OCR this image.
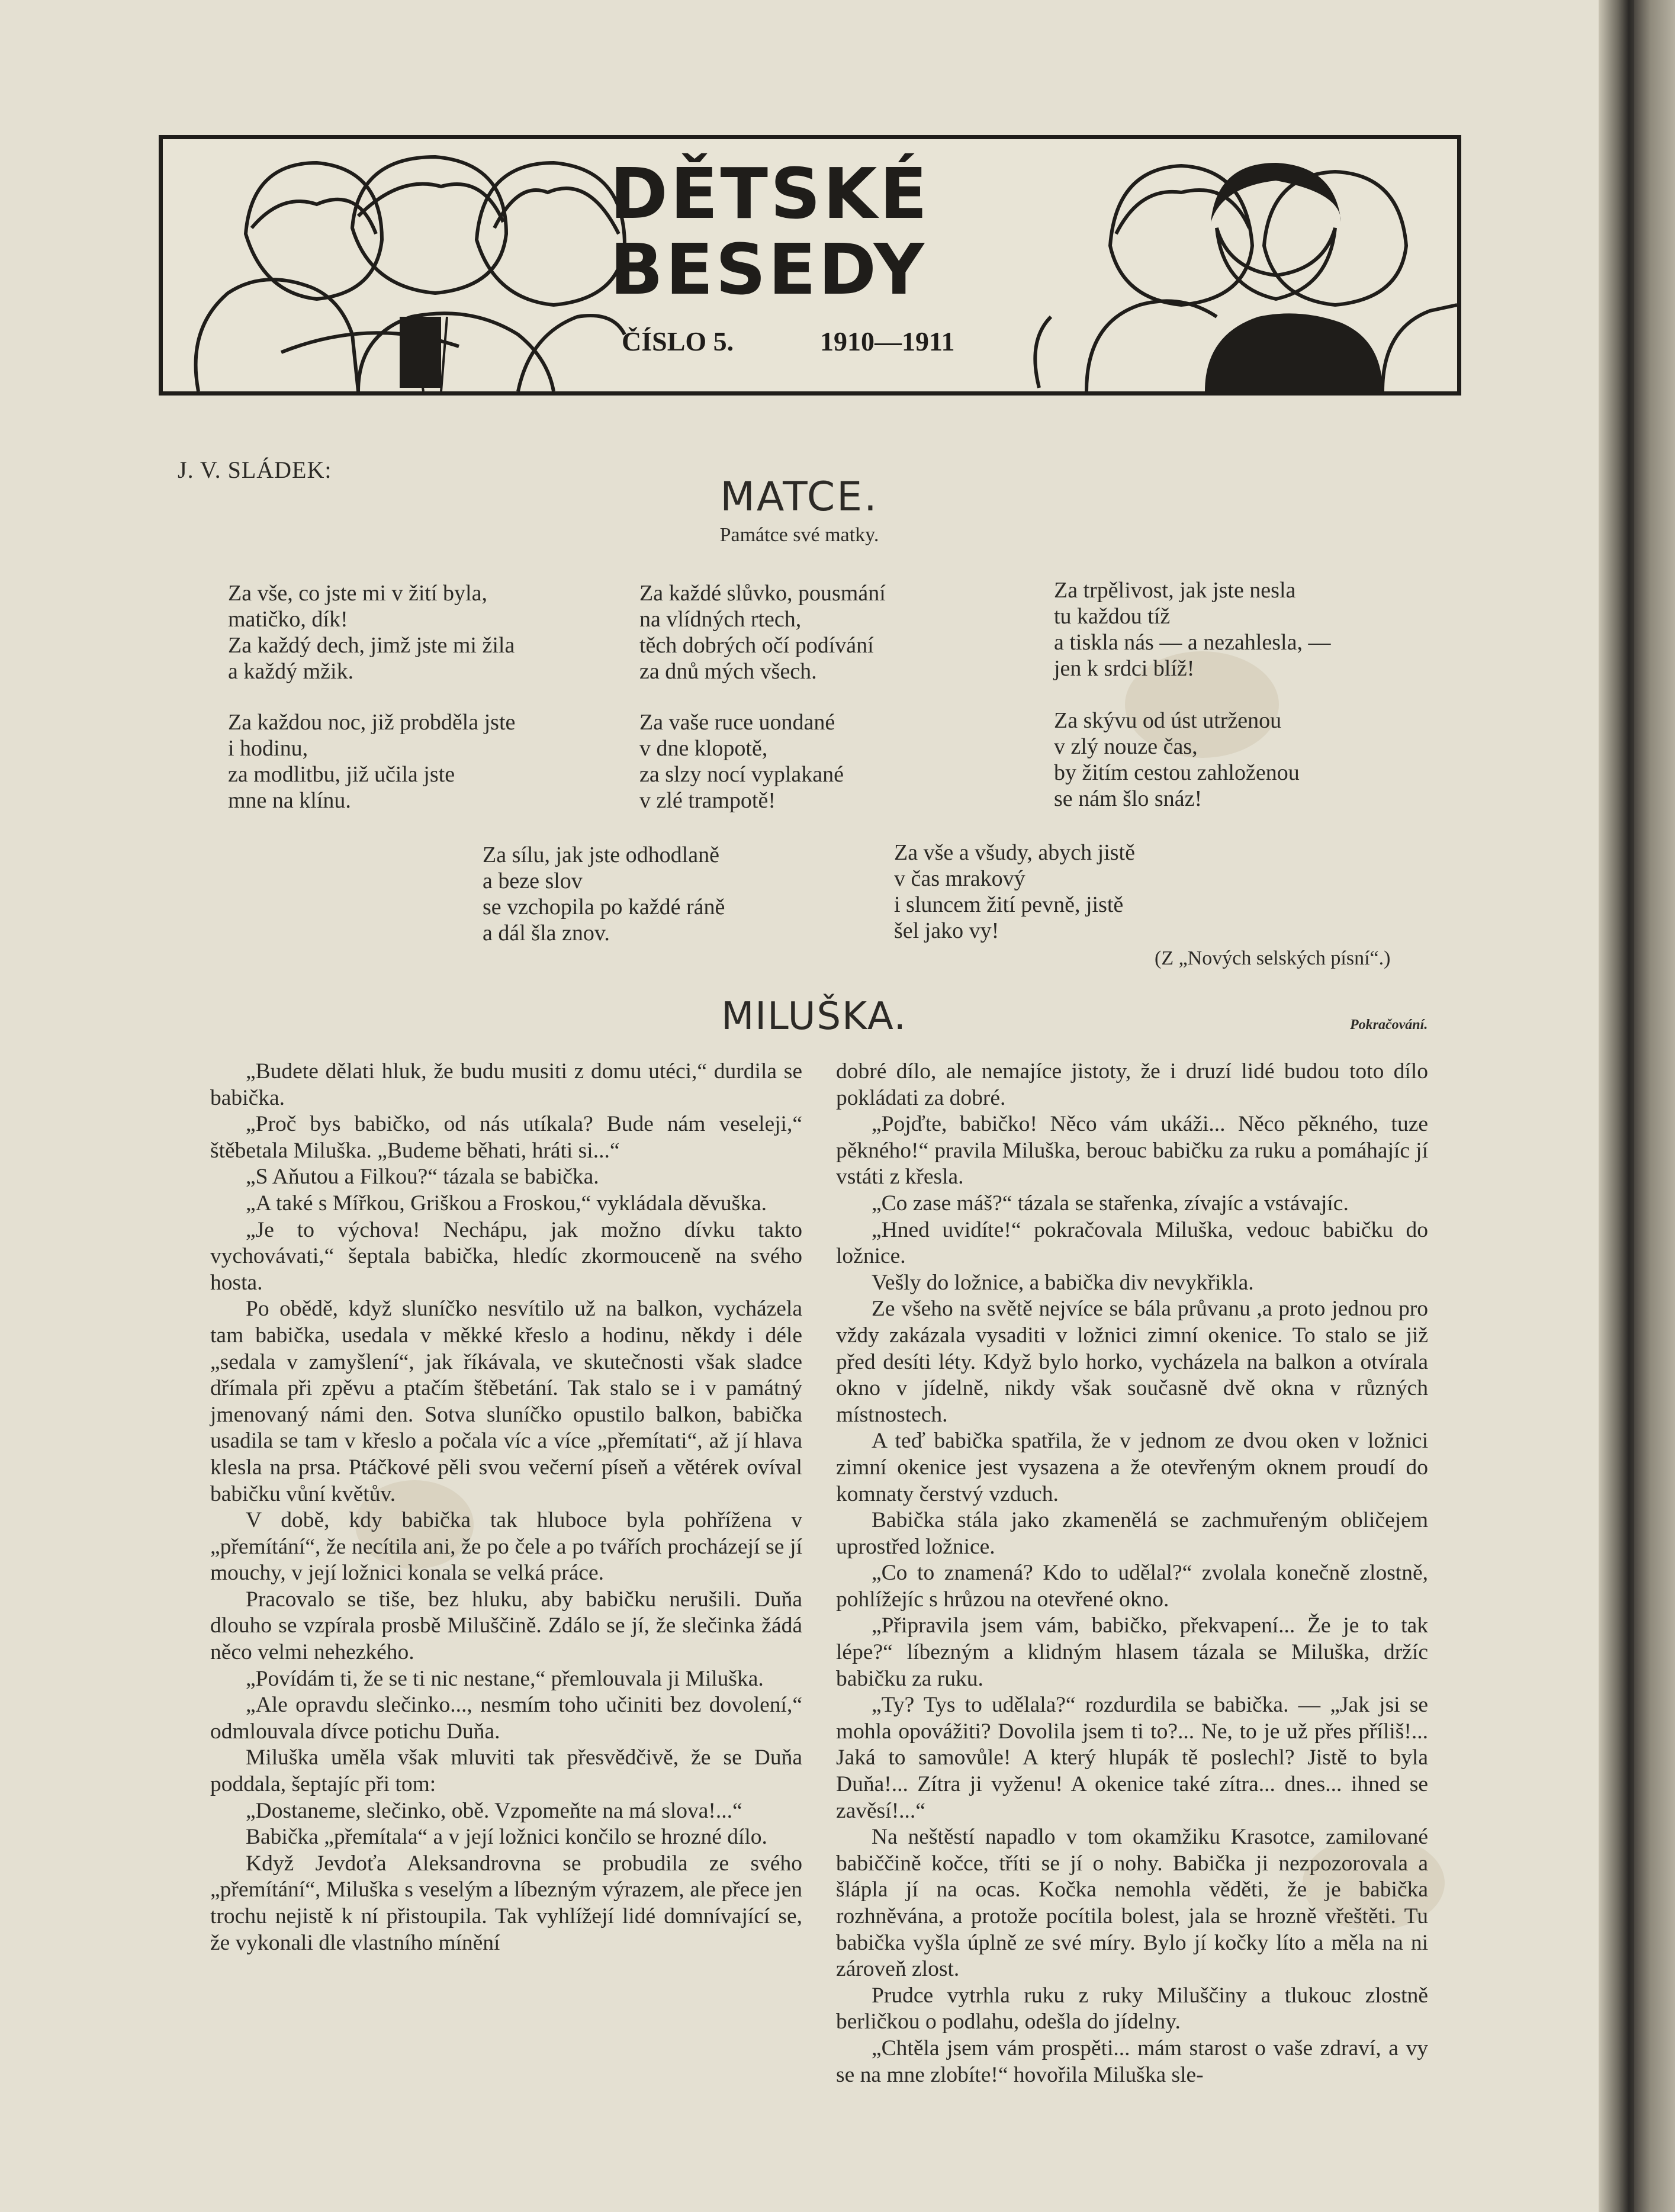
DĚTSKÉ
BESEDY
ČÍSLO 5.	1910—1911
J. V. SLÁDEK:
MATCE.
Památce své matky.
Za vše, co jste mi v žití byla,
matičko, dík!
Za každý dech, jimž jste mi žila
a každý mžik.
Za každou noc, již probděla jste
i hodinu,
za modlitbu, již učila jste
mne na klínu.
Za každé slůvko, pousmání
na vlídných rtech,
těch dobrých očí podívání
za dnů mých všech.
Za vaše ruce uondané
v dne klopotě,
za slzy nocí vyplakané
v zlé trampotě!
Za trpělivost, jak jste nesla
tu každou tíž
a tiskla nás — a nezahlesla, —
jen k srdci blíž!
Za skývu od úst utrženou
v zlý nouze čas,
by žitím cestou zahloženou
se nám šlo snáz!
Za sílu, jak jste odhodlaně
a beze slov
se vzchopila po každé ráně
a dál šla znov.
Za vše a všudy, abych jistě
v čas mrakový
i sluncem žití pevně, jistě
šel jako vy!
(Z „Nových selských písní“.)
MILUŠKA.	Pokračování.

„Budete dělati hluk, že budu musiti z domu utéci,“ durdila se babička.

„Proč bys babičko, od nás utíkala? Bude nám veseleji,“ štěbetala Miluška. „Budeme běhati, hráti si...“

„S Aňutou a Filkou?“ tázala se babička.

„A také s Mířkou, Griškou a Froskou,“ vykládala děvuška.

„Je to výchova! Nechápu, jak možno dívku takto vychovávati,“ šeptala babička, hledíc zkormouceně na svého hosta.

Po obědě, když sluníčko nesvítilo už na balkon, vycházela tam babička, usedala v měkké křeslo a hodinu, někdy i déle „sedala v zamyšlení“, jak říkávala, ve skutečnosti však sladce dřímala při zpěvu a ptačím štěbetání. Tak stalo se i v památný jmenovaný námi den. Sotva sluníčko opustilo balkon, babička usadila se tam v křeslo a počala víc a více „přemítati“, až jí hlava klesla na prsa. Ptáčkové pěli svou večerní píseň a větérek ovíval babičku vůní květův.

V době, kdy babička tak hluboce byla pohřížena v „přemítání“, že necítila ani, že po čele a po tvářích procházejí se jí mouchy, v její ložnici konala se velká práce.

Pracovalo se tiše, bez hluku, aby babičku nerušili. Duňa dlouho se vzpírala prosbě Miluščině. Zdálo se jí, že slečinka žádá něco velmi nehezkého.

„Povídám ti, že se ti nic nestane,“ přemlouvala ji Miluška.

„Ale opravdu slečinko..., nesmím toho učiniti bez dovolení,“ odmlouvala dívce potichu Duňa.

Miluška uměla však mluviti tak přesvědčivě, že se Duňa poddala, šeptajíc při tom:

„Dostaneme, slečinko, obě. Vzpomeňte na má slova!...“

Babička „přemítala“ a v její ložnici končilo se hrozné dílo.

Když Jevdoťa Aleksandrovna se probudila ze svého „přemítání“, Miluška s veselým a líbezným výrazem, ale přece jen trochu nejistě k ní přistoupila. Tak vyhlížejí lidé domnívající se, že vykonali dle vlastního mínění

dobré dílo, ale nemajíce jistoty, že i druzí lidé budou toto dílo pokládati za dobré.

„Pojďte, babičko! Něco vám ukáži... Něco pěkného, tuze pěkného!“ pravila Miluška, berouc babičku za ruku a pomáhajíc jí vstáti z křesla.

„Co zase máš?“ tázala se stařenka, zívajíc a vstávajíc.

„Hned uvidíte!“ pokračovala Miluška, vedouc babičku do ložnice.

Vešly do ložnice, a babička div nevykřikla.

Ze všeho na světě nejvíce se bála průvanu ,a proto jednou pro vždy zakázala vysaditi v ložnici zimní okenice. To stalo se již před desíti léty. Když bylo horko, vycházela na balkon a otvírala okno v jídelně, nikdy však současně dvě okna v různých místnostech.

A teď babička spatřila, že v jednom ze dvou oken v ložnici zimní okenice jest vysazena a že otevřeným oknem proudí do komnaty čerstvý vzduch.

Babička stála jako zkamenělá se zachmuřeným obličejem uprostřed ložnice.

„Co to znamená? Kdo to udělal?“ zvolala konečně zlostně, pohlížejíc s hrůzou na otevřené okno.

„Připravila jsem vám, babičko, překvapení... Že je to tak lépe?“ líbezným a klidným hlasem tázala se Miluška, držíc babičku za ruku.

„Ty? Tys to udělala?“ rozdurdila se babička. — „Jak jsi se mohla opovážiti? Dovolila jsem ti to?... Ne, to je už přes příliš!... Jaká to samovůle! A který hlupák tě poslechl? Jistě to byla Duňa!... Zítra ji vyženu! A okenice také zítra... dnes... ihned se zavěsí!...“

Na neštěstí napadlo v tom okamžiku Krasotce, zamilované babiččině kočce, tříti se jí o nohy. Babička ji nezpozorovala a šlápla jí na ocas. Kočka nemohla věděti, že je babička rozhněvána, a protože pocítila bolest, jala se hrozně vřeštěti. Tu babička vyšla úplně ze své míry. Bylo jí kočky líto a měla na ni zároveň zlost.

Prudce vytrhla ruku z ruky Miluščiny a tlukouc zlostně berličkou o podlahu, odešla do jídelny.

„Chtěla jsem vám prospěti... mám starost o vaše zdraví, a vy se na mne zlobíte!“ hovořila Miluška sle-
